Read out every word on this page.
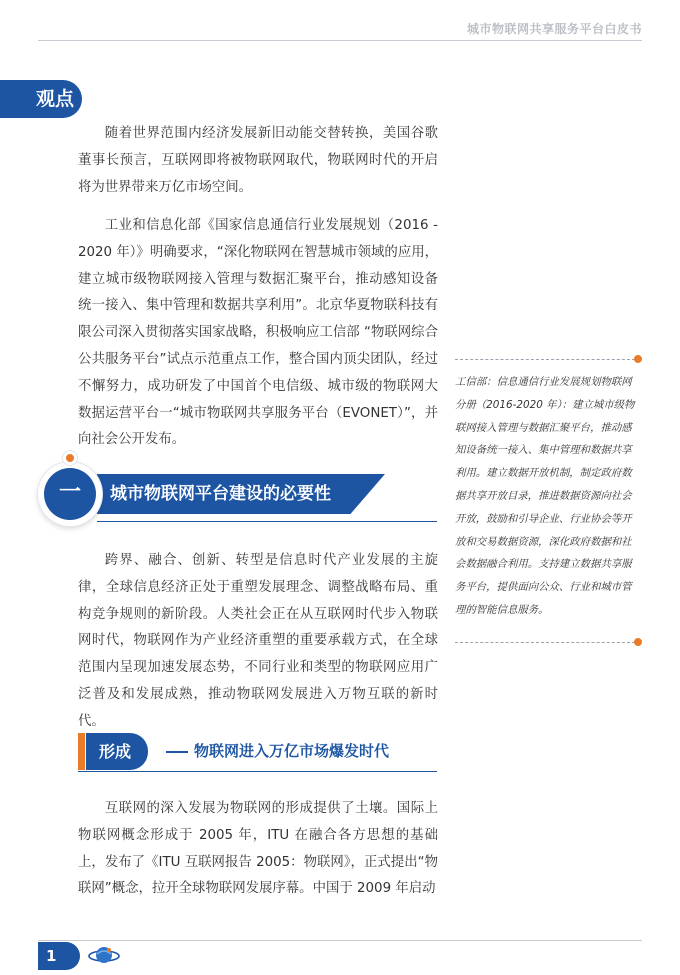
城市物联网共享服务平台白皮书
观点

随着世界范围内经济发展新旧动能交替转换，美国谷歌董事长预言，互联网即将被物联网取代，物联网时代的开启将为世界带来万亿市场空间。

工业和信息化部《国家信息通信行业发展规划（2016 - 2020 年）》明确要求，“深化物联网在智慧城市领域的应用，建立城市级物联网接入管理与数据汇聚平台，推动感知设备统一接入、集中管理和数据共享利用”。北京华夏物联科技有限公司深入贯彻落实国家战略，积极响应工信部 “物联网综合公共服务平台”试点示范重点工作，整合国内顶尖团队，经过不懈努力，成功研发了中国首个电信级、城市级的物联网大数据运营平台一“城市物联网共享服务平台（EVONET）”，并向社会公开发布。

工信部：信息通信行业发展规划物联网分册（2016-2020 年）：建立城市级物联网接入管理与数据汇聚平台，推动感知设备统一接入、集中管理和数据共享利用。建立数据开放机制，制定政府数据共享开放目录，推进数据资源向社会开放，鼓励和引导企业、行业协会等开放和交易数据资源，深化政府数据和社会数据融合利用。支持建立数据共享服务平台，提供面向公众、行业和城市管理的智能信息服务。

城市物联网平台建设的必要性
一

跨界、融合、创新、转型是信息时代产业发展的主旋律，全球信息经济正处于重塑发展理念、调整战略布局、重构竞争规则的新阶段。人类社会正在从互联网时代步入物联网时代，物联网作为产业经济重塑的重要承载方式，在全球范围内呈现加速发展态势，不同行业和类型的物联网应用广泛普及和发展成熟，推动物联网发展进入万物互联的新时代。

形成	物联网进入万亿市场爆发时代

互联网的深入发展为物联网的形成提供了土壤。国际上物联网概念形成于 2005 年，ITU 在融合各方思想的基础上，发布了《ITU 互联网报告 2005：物联网》，正式提出“物联网”概念，拉开全球物联网发展序幕。中国于 2009 年启动

1
